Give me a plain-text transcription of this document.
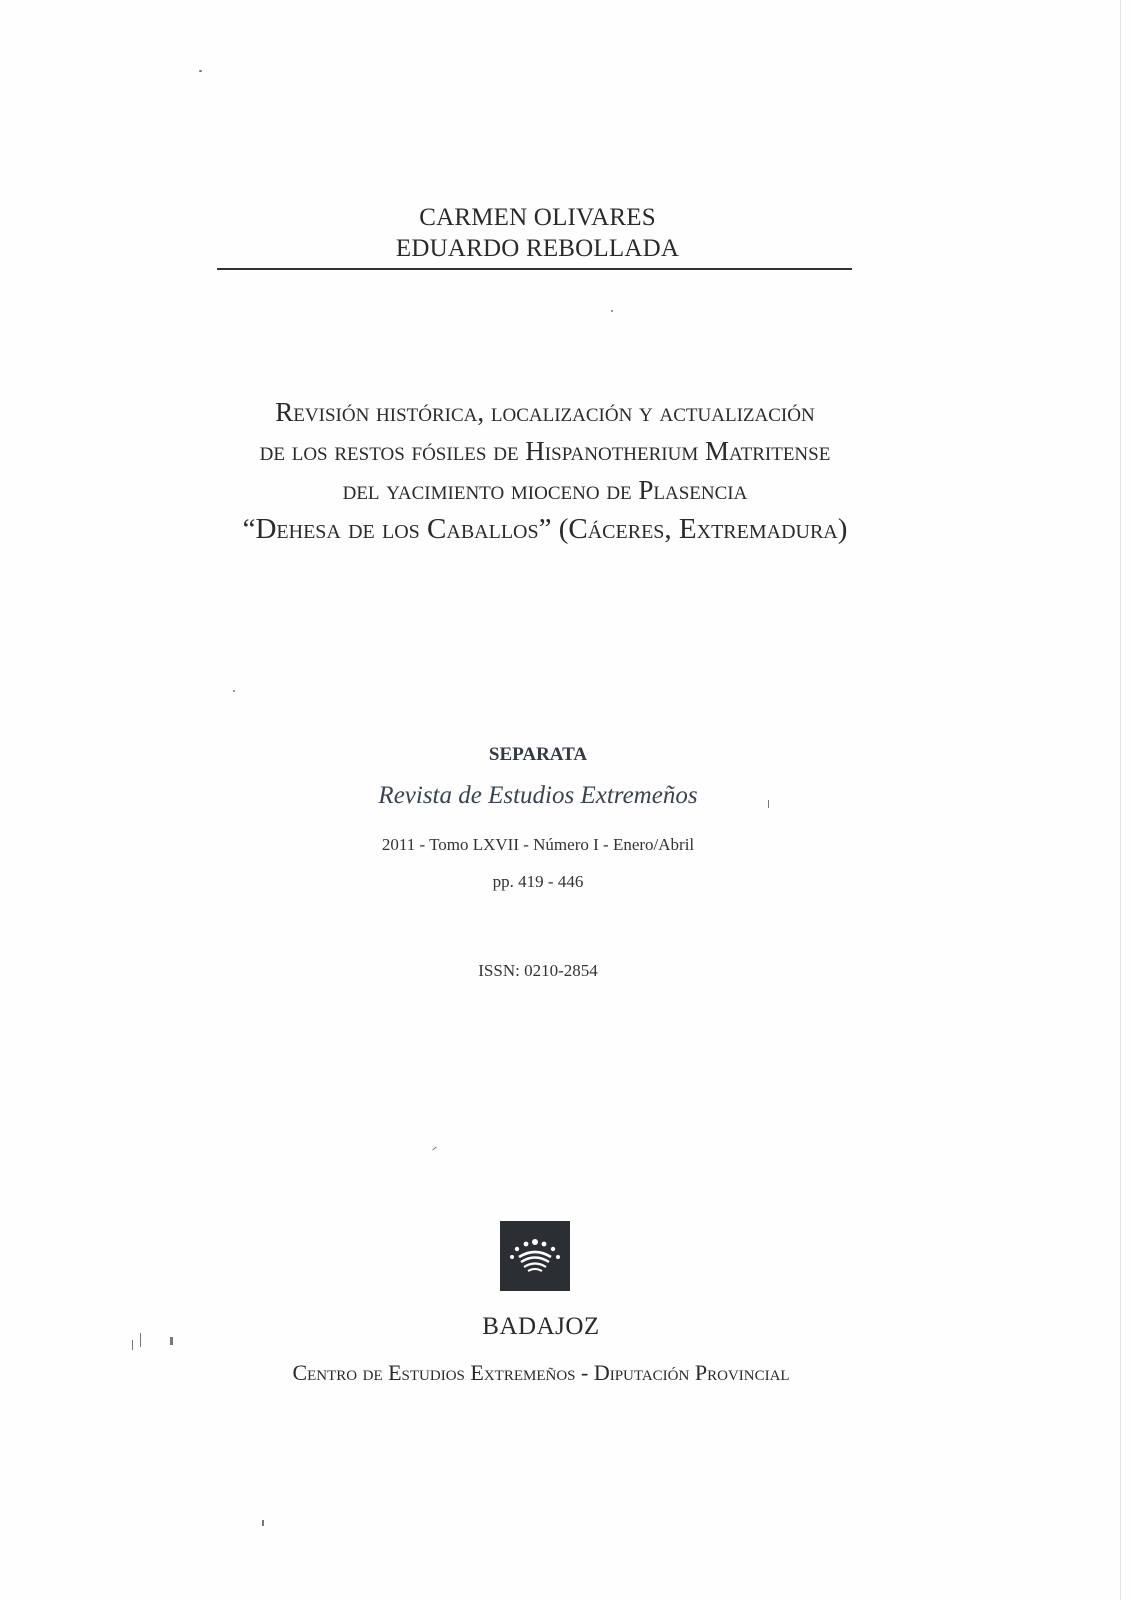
CARMEN OLIVARES
EDUARDO REBOLLADA
Revisión histórica, localización y actualización
de los restos fósiles de Hispanotherium Matritense
del yacimiento mioceno de Plasencia
“Dehesa de los Caballos” (Cáceres, Extremadura)
SEPARATA
Revista de Estudios Extremeños
2011 - Tomo LXVII - Número I - Enero/Abril
pp. 419 - 446
ISSN: 0210-2854
BADAJOZ
Centro de Estudios Extremeños - Diputación Provincial
